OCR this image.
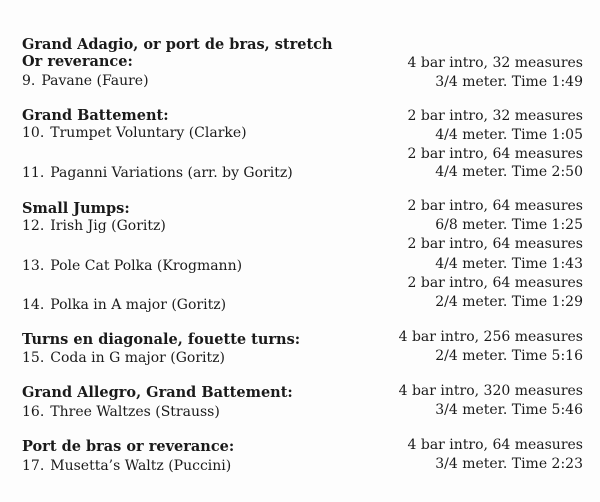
Grand Adagio, or port de bras, stretch
Or reverance:	4 bar intro, 32 measures
9. Pavane (Faure)	3/4 meter. Time 1:49
Grand Battement:	2 bar intro, 32 measures
10. Trumpet Voluntary (Clarke)	4/4 meter. Time 1:05
2 bar intro, 64 measures
11. Paganni Variations (arr. by Goritz)	4/4 meter. Time 2:50
Small Jumps:	2 bar intro, 64 measures
12. Irish Jig (Goritz)	6/8 meter. Time 1:25
2 bar intro, 64 measures
13. Pole Cat Polka (Krogmann)	4/4 meter. Time 1:43
2 bar intro, 64 measures
14. Polka in A major (Goritz)	2/4 meter. Time 1:29
Turns en diagonale, fouette turns:	4 bar intro, 256 measures
15. Coda in G major (Goritz)	2/4 meter. Time 5:16
Grand Allegro, Grand Battement:	4 bar intro, 320 measures
16. Three Waltzes (Strauss)	3/4 meter. Time 5:46
Port de bras or reverance:	4 bar intro, 64 measures
17. Musetta’s Waltz (Puccini)	3/4 meter. Time 2:23
